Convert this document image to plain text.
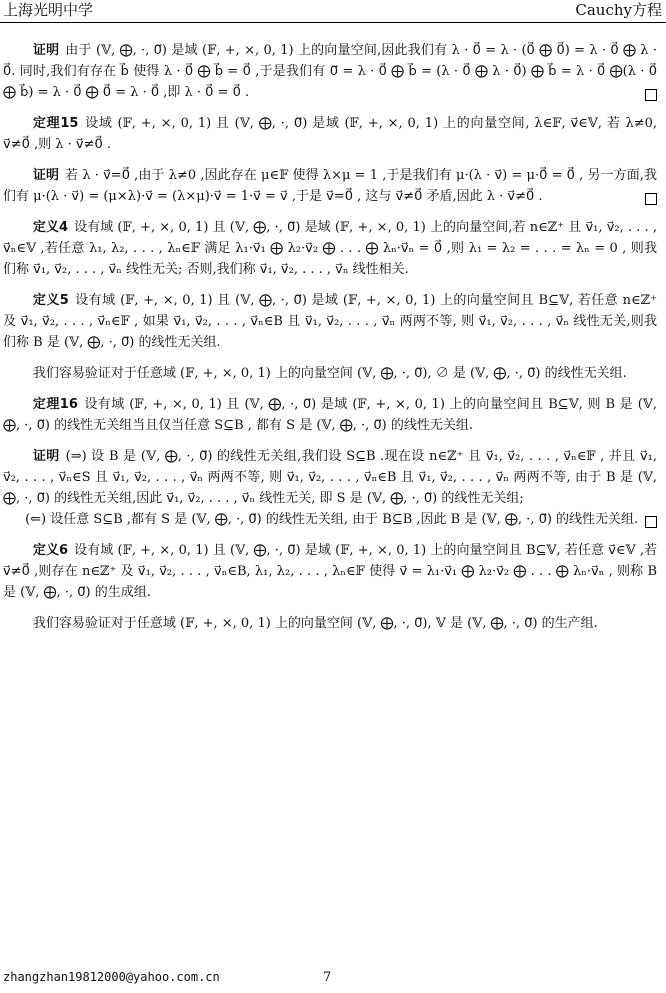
上海光明中学	Cauchy方程

证明 由于 (𝕍, ⨁, ·, 0⃗) 是域 (𝔽, +, ×, 0, 1) 上的向量空间,因此我们有 λ · 0⃗ = λ · (0⃗ ⨁ 0⃗) = λ · 0⃗ ⨁ λ · 0⃗. 同时,我们有存在 b⃗ 使得 λ · 0⃗ ⨁ b⃗ = 0⃗ ,于是我们有 0⃗ = λ · 0⃗ ⨁ b⃗ = (λ · 0⃗ ⨁ λ · 0⃗) ⨁ b⃗ = λ · 0⃗ ⨁(λ · 0⃗ ⨁ b⃗) = λ · 0⃗ ⨁ 0⃗ = λ · 0⃗ ,即 λ · 0⃗ = 0⃗ .

定理15 设域 (𝔽, +, ×, 0, 1) 且 (𝕍, ⨁, ·, 0⃗) 是域 (𝔽, +, ×, 0, 1) 上的向量空间, λ∈𝔽, v⃗∈𝕍, 若 λ≠0, v⃗≠0⃗ ,则 λ · v⃗≠0⃗ .

证明 若 λ · v⃗=0⃗ ,由于 λ≠0 ,因此存在 μ∈𝔽 使得 λ×μ = 1 ,于是我们有 μ·(λ · v⃗) = μ·0⃗ = 0⃗ , 另一方面,我们有 μ·(λ · v⃗) = (μ×λ)·v⃗ = (λ×μ)·v⃗ = 1·v⃗ = v⃗ ,于是 v⃗=0⃗ , 这与 v⃗≠0⃗ 矛盾,因此 λ · v⃗≠0⃗ .

定义4 设有域 (𝔽, +, ×, 0, 1) 且 (𝕍, ⨁, ·, 0⃗) 是域 (𝔽, +, ×, 0, 1) 上的向量空间,若 n∈ℤ⁺ 且 v⃗₁, v⃗₂, . . . , v⃗ₙ∈𝕍 ,若任意 λ₁, λ₂, . . . , λₙ∈𝔽 满足 λ₁·v⃗₁ ⨁ λ₂·v⃗₂ ⨁ . . . ⨁ λₙ·v⃗ₙ = 0⃗ ,则 λ₁ = λ₂ = . . . = λₙ = 0 , 则我们称 v⃗₁, v⃗₂, . . . , v⃗ₙ 线性无关; 否则,我们称 v⃗₁, v⃗₂, . . . , v⃗ₙ 线性相关.

定义5 设有域 (𝔽, +, ×, 0, 1) 且 (𝕍, ⨁, ·, 0⃗) 是域 (𝔽, +, ×, 0, 1) 上的向量空间且 B⊆𝕍, 若任意 n∈ℤ⁺ 及 v⃗₁, v⃗₂, . . . , v⃗ₙ∈𝔽 , 如果 v⃗₁, v⃗₂, . . . , v⃗ₙ∈B 且 v⃗₁, v⃗₂, . . . , v⃗ₙ 两两不等, 则 v⃗₁, v⃗₂, . . . , v⃗ₙ 线性无关,则我们称 B 是 (𝕍, ⨁, ·, 0⃗) 的线性无关组.

我们容易验证对于任意域 (𝔽, +, ×, 0, 1) 上的向量空间 (𝕍, ⨁, ·, 0⃗), ∅ 是 (𝕍, ⨁, ·, 0⃗) 的线性无关组.

定理16 设有域 (𝔽, +, ×, 0, 1) 且 (𝕍, ⨁, ·, 0⃗) 是域 (𝔽, +, ×, 0, 1) 上的向量空间且 B⊆𝕍, 则 B 是 (𝕍, ⨁, ·, 0⃗) 的线性无关组当且仅当任意 S⊆B , 都有 S 是 (𝕍, ⨁, ·, 0⃗) 的线性无关组.

证明 (⇒) 设 B 是 (𝕍, ⨁, ·, 0⃗) 的线性无关组,我们设 S⊆B .现在设 n∈ℤ⁺ 且 v⃗₁, v⃗₂, . . . , v⃗ₙ∈𝔽 , 并且 v⃗₁, v⃗₂, . . . , v⃗ₙ∈S 且 v⃗₁, v⃗₂, . . . , v⃗ₙ 两两不等, 则 v⃗₁, v⃗₂, . . . , v⃗ₙ∈B 且 v⃗₁, v⃗₂, . . . , v⃗ₙ 两两不等, 由于 B 是 (𝕍, ⨁, ·, 0⃗) 的线性无关组,因此 v⃗₁, v⃗₂, . . . , v⃗ₙ 线性无关, 即 S 是 (𝕍, ⨁, ·, 0⃗) 的线性无关组;

(⇐) 设任意 S⊆B ,都有 S 是 (𝕍, ⨁, ·, 0⃗) 的线性无关组, 由于 B⊆B ,因此 B 是 (𝕍, ⨁, ·, 0⃗) 的线性无关组.

定义6 设有域 (𝔽, +, ×, 0, 1) 且 (𝕍, ⨁, ·, 0⃗) 是域 (𝔽, +, ×, 0, 1) 上的向量空间且 B⊆𝕍, 若任意 v⃗∈𝕍 ,若 v⃗≠0⃗ ,则存在 n∈ℤ⁺ 及 v⃗₁, v⃗₂, . . . , v⃗ₙ∈B, λ₁, λ₂, . . . , λₙ∈𝔽 使得 v⃗ = λ₁·v⃗₁ ⨁ λ₂·v⃗₂ ⨁ . . . ⨁ λₙ·v⃗ₙ , 则称 B 是 (𝕍, ⨁, ·, 0⃗) 的生成组.

我们容易验证对于任意域 (𝔽, +, ×, 0, 1) 上的向量空间 (𝕍, ⨁, ·, 0⃗), 𝕍 是 (𝕍, ⨁, ·, 0⃗) 的生产组.

zhangzhan19812000@yahoo.com.cn	7
